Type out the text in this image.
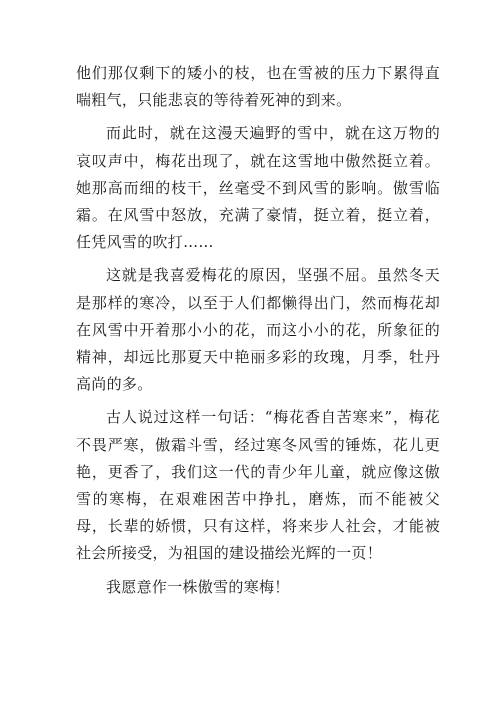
他们那仅剩下的矮小的枝，也在雪被的压力下累得直喘粗气，只能悲哀的等待着死神的到来。

而此时，就在这漫天遍野的雪中，就在这万物的哀叹声中，梅花出现了，就在这雪地中傲然挺立着。她那高而细的枝干，丝毫受不到风雪的影响。傲雪临霜。在风雪中怒放，充满了豪情，挺立着，挺立着，任凭风雪的吹打……

这就是我喜爱梅花的原因，坚强不屈。虽然冬天是那样的寒冷，以至于人们都懒得出门，然而梅花却在风雪中开着那小小的花，而这小小的花，所象征的精神，却远比那夏天中艳丽多彩的玫瑰，月季，牡丹高尚的多。

古人说过这样一句话：“梅花香自苦寒来”，梅花不畏严寒，傲霜斗雪，经过寒冬风雪的锤炼，花儿更艳，更香了，我们这一代的青少年儿童，就应像这傲雪的寒梅，在艰难困苦中挣扎，磨炼，而不能被父母，长辈的娇惯，只有这样，将来步人社会，才能被社会所接受，为祖国的建设描绘光辉的一页！

我愿意作一株傲雪的寒梅！
